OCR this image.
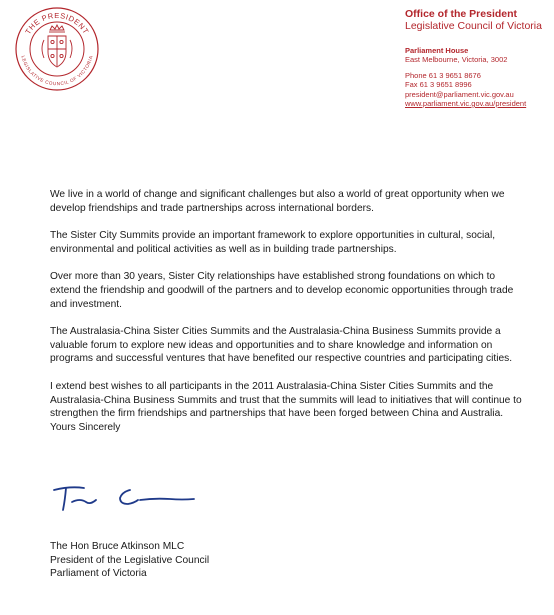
THE PRESIDENT
LEGISLATIVE COUNCIL OF VICTORIA
Office of the President
Legislative Council of Victoria
Parliament House
East Melbourne, Victoria, 3002
Phone 61 3 9651 8676
Fax 61 3 9651 8996
president@parliament.vic.gov.au
www.parliament.vic.gov.au/president

We live in a world of change and significant challenges but also a world of great opportunity when we develop friendships and trade partnerships across international borders.

The Sister City Summits provide an important framework to explore opportunities in cultural, social, environmental and political activities as well as in building trade partnerships.

Over more than 30 years, Sister City relationships have established strong foundations on which to extend the friendship and goodwill of the partners and to develop economic opportunities through trade and investment.

The Australasia-China Sister Cities Summits and the Australasia-China Business Summits provide a valuable forum to explore new ideas and opportunities and to share knowledge and information on programs and successful ventures that have benefited our respective countries and participating cities.

I extend best wishes to all participants in the 2011 Australasia-China Sister Cities Summits and the Australasia-China Business Summits and trust that the summits will lead to initiatives that will continue to strengthen the firm friendships and partnerships that have been forged between China and Australia.

Yours Sincerely
The Hon Bruce Atkinson MLC
President of the Legislative Council
Parliament of Victoria
